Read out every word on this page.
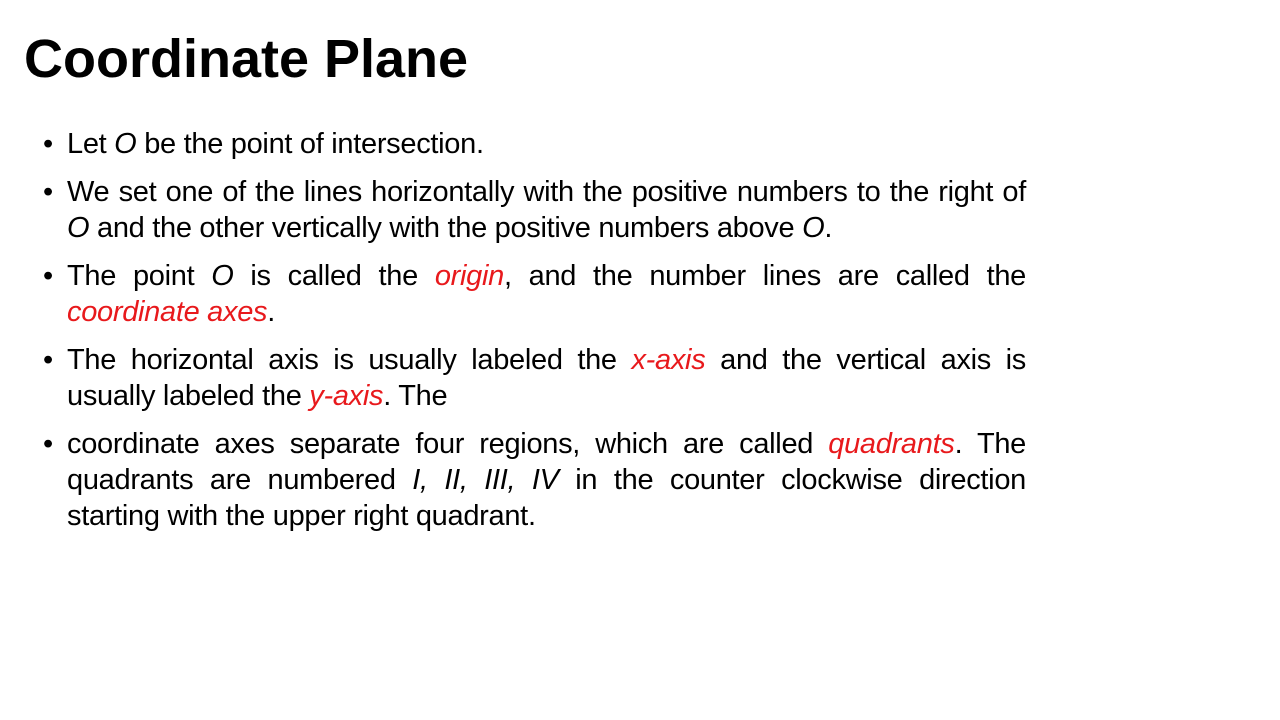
Coordinate Plane
• Let O be the point of intersection.
• We set one of the lines horizontally with the positive numbers to the right of O and the other vertically with the positive numbers above O.
• The point O is called the origin, and the number lines are called the coordinate axes.
• The horizontal axis is usually labeled the x-axis and the vertical axis is usually labeled the y-axis. The
• coordinate axes separate four regions, which are called quadrants. The quadrants are numbered I, II, III, IV in the counter clockwise direction starting with the upper right quadrant.
